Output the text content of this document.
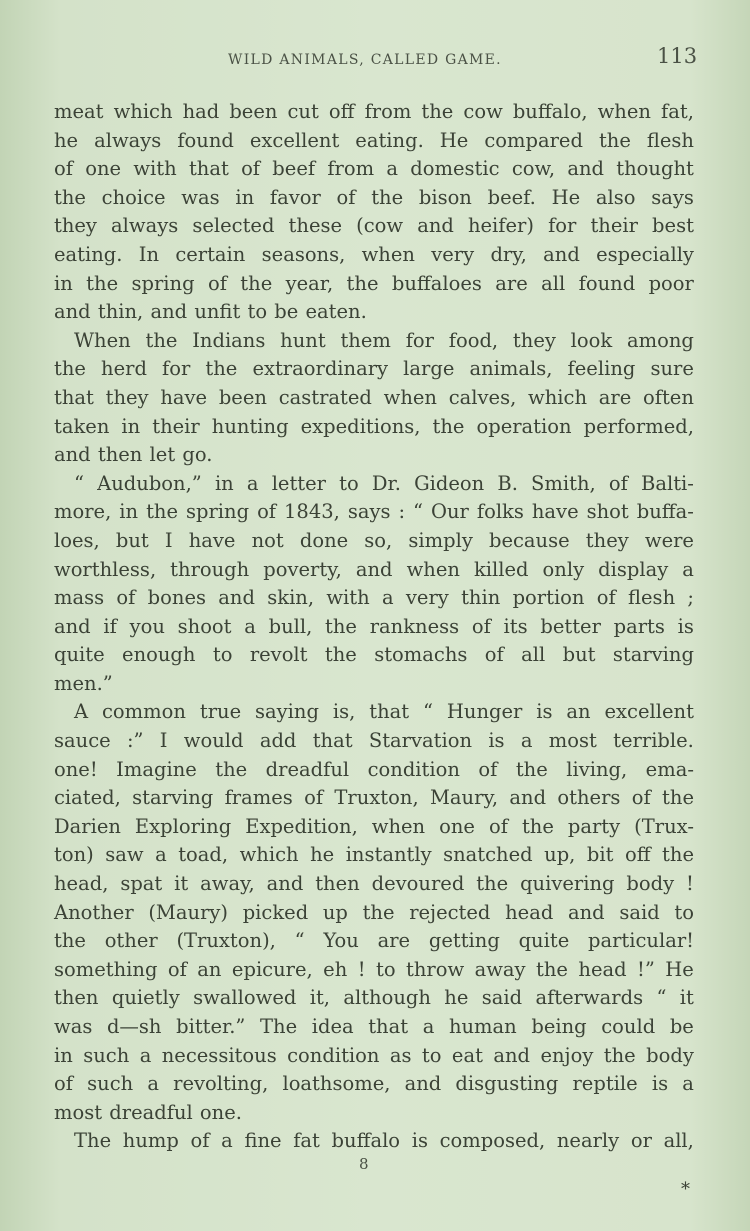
WILD ANIMALS, CALLED GAME.	113
meat which had been cut off from the cow buffalo, when fat,
he always found excellent eating. He compared the flesh
of one with that of beef from a domestic cow, and thought
the choice was in favor of the bison beef. He also says
they always selected these (cow and heifer) for their best
eating. In certain seasons, when very dry, and especially
in the spring of the year, the buffaloes are all found poor
and thin, and unfit to be eaten.
When the Indians hunt them for food, they look among
the herd for the extraordinary large animals, feeling sure
that they have been castrated when calves, which are often
taken in their hunting expeditions, the operation performed,
and then let go.
“ Audubon,” in a letter to Dr. Gideon B. Smith, of Balti-
more, in the spring of 1843, says : “ Our folks have shot buffa-
loes, but I have not done so, simply because they were
worthless, through poverty, and when killed only display a
mass of bones and skin, with a very thin portion of flesh ;
and if you shoot a bull, the rankness of its better parts is
quite enough to revolt the stomachs of all but starving
men.”
A common true saying is, that “ Hunger is an excellent
sauce :” I would add that Starvation is a most terrible.
one! Imagine the dreadful condition of the living, ema-
ciated, starving frames of Truxton, Maury, and others of the
Darien Exploring Expedition, when one of the party (Trux-
ton) saw a toad, which he instantly snatched up, bit off the
head, spat it away, and then devoured the quivering body !
Another (Maury) picked up the rejected head and said to
the other (Truxton), “ You are getting quite particular!
something of an epicure, eh ! to throw away the head !” He
then quietly swallowed it, although he said afterwards “ it
was d—sh bitter.” The idea that a human being could be
in such a necessitous condition as to eat and enjoy the body
of such a revolting, loathsome, and disgusting reptile is a
most dreadful one.
The hump of a fine fat buffalo is composed, nearly or all,
8
⁎
